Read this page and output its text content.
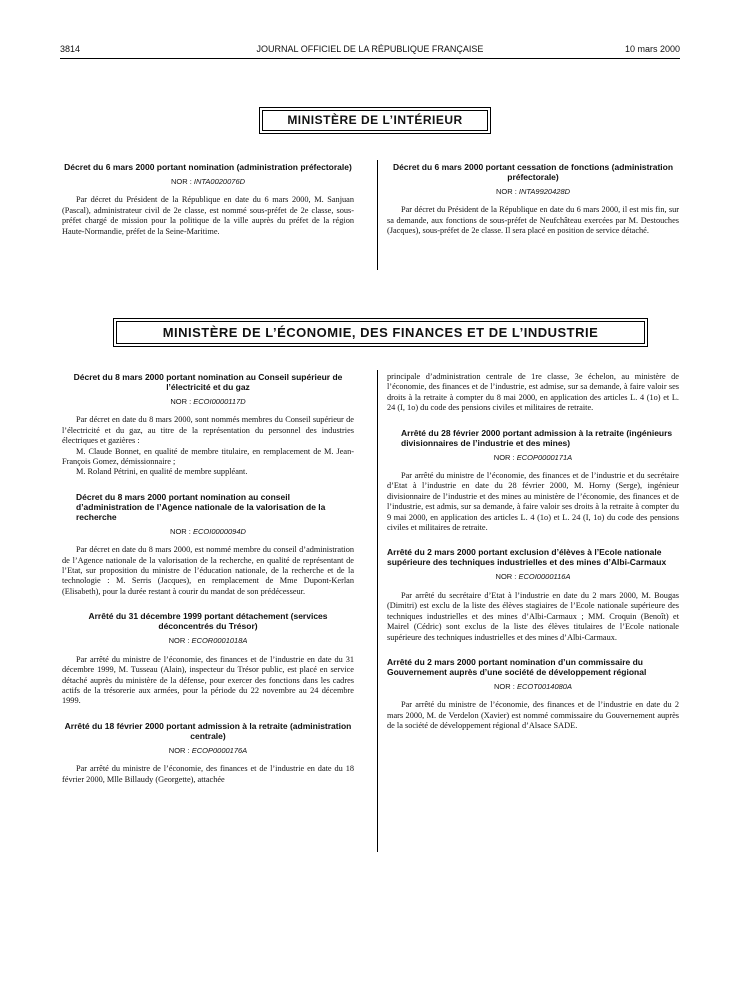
3814	JOURNAL OFFICIEL DE LA RÉPUBLIQUE FRANÇAISE	10 mars 2000
MINISTÈRE DE L’INTÉRIEUR
Décret du 6 mars 2000 portant nomination (administration préfectorale)
NOR : INTA0020076D

Par décret du Président de la République en date du 6 mars 2000, M. Sanjuan (Pascal), administrateur civil de 2e classe, est nommé sous-préfet de 2e classe, sous-préfet chargé de mission pour la politique de la ville auprès du préfet de la région Haute-Normandie, préfet de la Seine-Maritime.

Décret du 6 mars 2000 portant cessation de fonctions (administration préfectorale)
NOR : INTA9920428D

Par décret du Président de la République en date du 6 mars 2000, il est mis fin, sur sa demande, aux fonctions de sous-préfet de Neufchâteau exercées par M. Destouches (Jacques), sous-préfet de 2e classe. Il sera placé en position de service détaché.

MINISTÈRE DE L’ÉCONOMIE, DES FINANCES ET DE L’INDUSTRIE
Décret du 8 mars 2000 portant nomination au Conseil supérieur de l’électricité et du gaz
NOR : ECOI0000117D

Par décret en date du 8 mars 2000, sont nommés membres du Conseil supérieur de l’électricité et du gaz, au titre de la représentation du personnel des industries électriques et gazières :

M. Claude Bonnet, en qualité de membre titulaire, en remplacement de M. Jean-François Gomez, démissionnaire ;

M. Roland Pétrini, en qualité de membre suppléant.

Décret du 8 mars 2000 portant nomination au conseil d’administration de l’Agence nationale de la valorisation de la recherche
NOR : ECOI0000094D

Par décret en date du 8 mars 2000, est nommé membre du conseil d’administration de l’Agence nationale de la valorisation de la recherche, en qualité de représentant de l’Etat, sur proposition du ministre de l’éducation nationale, de la recherche et de la technologie : M. Serris (Jacques), en remplacement de Mme Dupont-Kerlan (Elisabeth), pour la durée restant à courir du mandat de son prédécesseur.

Arrêté du 31 décembre 1999 portant détachement (services déconcentrés du Trésor)
NOR : ECOR0001018A

Par arrêté du ministre de l’économie, des finances et de l’industrie en date du 31 décembre 1999, M. Tusseau (Alain), inspecteur du Trésor public, est placé en service détaché auprès du ministère de la défense, pour exercer des fonctions dans les cadres actifs de la trésorerie aux armées, pour la période du 22 novembre au 24 décembre 1999.

Arrêté du 18 février 2000 portant admission à la retraite (administration centrale)
NOR : ECOP0000176A

Par arrêté du ministre de l’économie, des finances et de l’industrie en date du 18 février 2000, Mlle Billaudy (Georgette), attachée

principale d’administration centrale de 1re classe, 3e échelon, au ministère de l’économie, des finances et de l’industrie, est admise, sur sa demande, à faire valoir ses droits à la retraite à compter du 8 mai 2000, en application des articles L. 4 (1o) et L. 24 (I, 1o) du code des pensions civiles et militaires de retraite.

Arrêté du 28 février 2000 portant admission à la retraite (ingénieurs divisionnaires de l’industrie et des mines)
NOR : ECOP0000171A

Par arrêté du ministre de l’économie, des finances et de l’industrie et du secrétaire d’Etat à l’industrie en date du 28 février 2000, M. Horny (Serge), ingénieur divisionnaire de l’industrie et des mines au ministère de l’économie, des finances et de l’industrie, est admis, sur sa demande, à faire valoir ses droits à la retraite à compter du 9 mai 2000, en application des articles L. 4 (1o) et L. 24 (I, 1o) du code des pensions civiles et militaires de retraite.

Arrêté du 2 mars 2000 portant exclusion d’élèves à l’Ecole nationale supérieure des techniques industrielles et des mines d’Albi-Carmaux
NOR : ECOI0000116A

Par arrêté du secrétaire d’Etat à l’industrie en date du 2 mars 2000, M. Bougas (Dimitri) est exclu de la liste des élèves stagiaires de l’Ecole nationale supérieure des techniques industrielles et des mines d’Albi-Carmaux ; MM. Croquin (Benoît) et Mairel (Cédric) sont exclus de la liste des élèves titulaires de l’Ecole nationale supérieure des techniques industrielles et des mines d’Albi-Carmaux.

Arrêté du 2 mars 2000 portant nomination d’un commissaire du Gouvernement auprès d’une société de développement régional
NOR : ECOT0014080A

Par arrêté du ministre de l’économie, des finances et de l’industrie en date du 2 mars 2000, M. de Verdelon (Xavier) est nommé commissaire du Gouvernement auprès de la société de développement régional d’Alsace SADE.
